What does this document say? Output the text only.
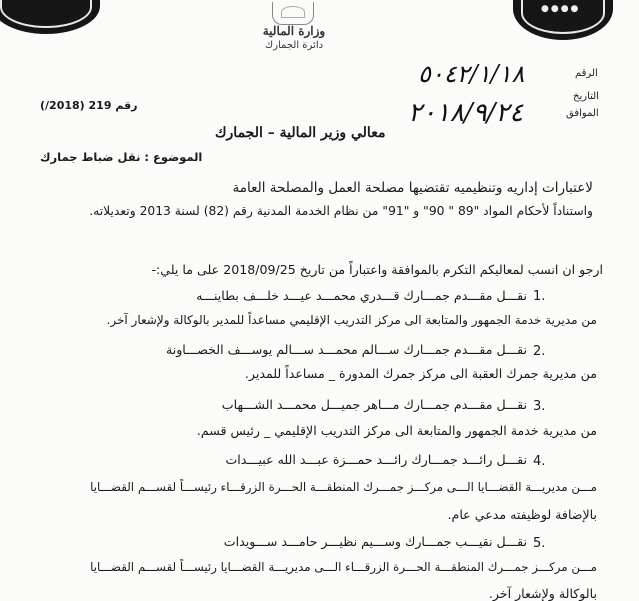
●●●●
وزارة المالية
دائرة الجمارك
الرقم
التاريخ
الموافق
٥٠٤٢/١/١٨
٢٠١٨/٩/٢٤
رقم 219 (2018/)
معالي وزير المالية – الجمارك
الموضوع : نقل ضباط جمارك
لاعتبارات إداريه وتنظيميه تقتضيها مصلحة العمل والمصلحة العامة
واستناداً لأحكام المواد "89 " 90" و "91" من نظام الخدمة المدنية رقم (82) لسنة 2013 وتعديلاته.
ارجو ان انسب لمعاليكم التكرم بالموافقة واعتباراً من تاريخ 2018/09/25 على ما يلي:-
1.
نقـــل مقـــدم جمـــارك قـــدري محمـــد عيـــد خلـــف بطاينـــه
من مديرية خدمة الجمهور والمتابعة الى مركز التدريب الإقليمي مساعداً للمدير بالوكالة ولإشعار آخر.
2.
نقـــل مقـــدم جمـــارك ســـالم محمـــد ســـالم يوســـف الخصـــاونة
من مديرية جمرك العقبة الى مركز جمرك المدورة _ مساعداً للمدير.
3.
نقـــل مقـــدم جمـــارك مـــاهر جميـــل محمـــد الشـــهاب
من مديرية خدمة الجمهور والمتابعة الى مركز التدريب الإقليمي _ رئيس قسم.
4.
نقـــل رائـــد جمـــارك رائـــد حمـــزة عبـــد الله عبيـــدات
مـــن مديريـــة القضـــايا الـــى مركـــز جمـــرك المنطقـــة الحـــرة الزرقـــاء رئيســـاً لقســـم القضـــايا
بالإضافة لوظيفته مدعي عام.
5.
نقـــل نقيـــب جمـــارك وســـيم نظيـــر حامـــد ســـويدات
مـــن مركـــز جمـــرك المنطقـــة الحـــرة الزرقـــاء الـــى مديريـــة القضـــايا رئيســـاً لقســـم القضـــايا
بالوكالة ولإشعار آخر.
